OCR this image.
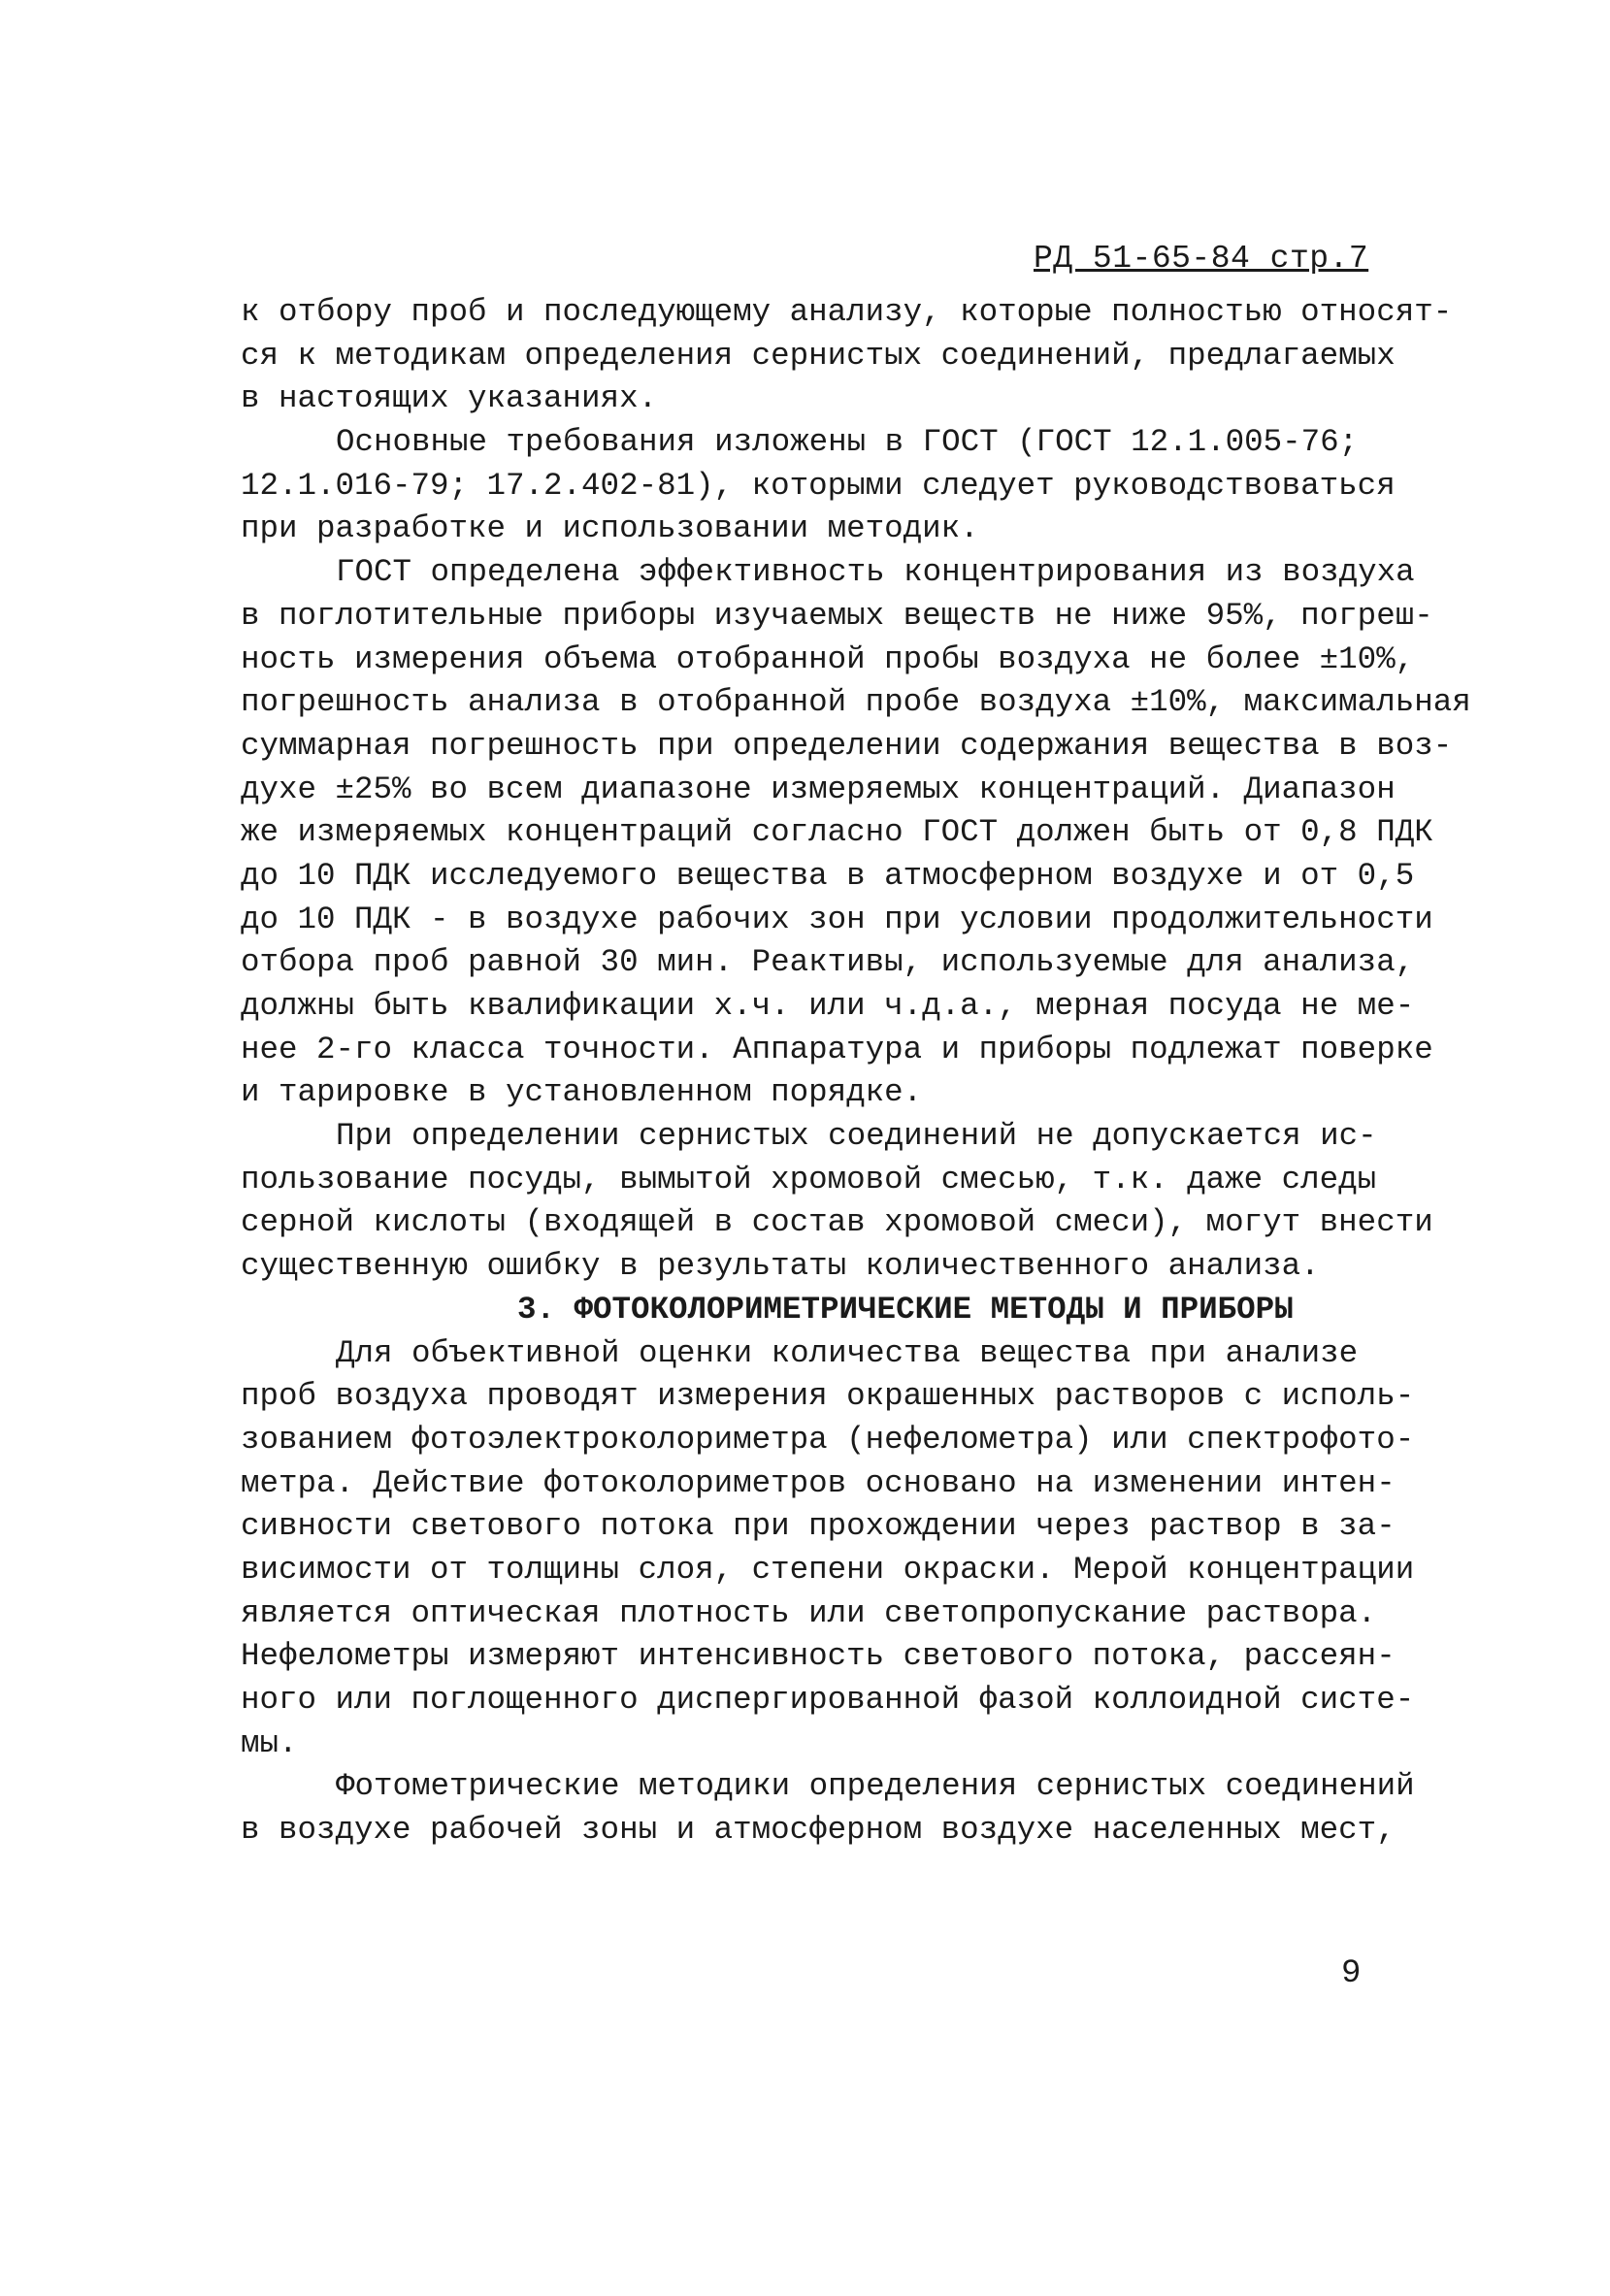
РД 51-65-84 стр.7
к отбору проб и последующему анализу, которые полностью относят-
ся к методикам определения сернистых соединений, предлагаемых
в настоящих указаниях.
Основные требования изложены в ГОСТ (ГОСТ 12.1.005-76;
12.1.016-79; 17.2.402-81), которыми следует руководствоваться
при разработке и использовании методик.
ГОСТ определена эффективность концентрирования из воздуха
в поглотительные приборы изучаемых веществ не ниже 95%, погреш-
ность измерения объема отобранной пробы воздуха не более ±10%,
погрешность анализа в отобранной пробе воздуха ±10%, максимальная
суммарная погрешность при определении содержания вещества в воз-
духе ±25% во всем диапазоне измеряемых концентраций. Диапазон
же измеряемых концентраций согласно ГОСТ должен быть от 0,8 ПДК
до 10 ПДК исследуемого вещества в атмосферном воздухе и от 0,5
до 10 ПДК - в воздухе рабочих зон при условии продолжительности
отбора проб равной 30 мин. Реактивы, используемые для анализа,
должны быть квалификации х.ч. или ч.д.а., мерная посуда не ме-
нее 2-го класса точности. Аппаратура и приборы подлежат поверке
и тарировке в установленном порядке.
При определении сернистых соединений не допускается ис-
пользование посуды, вымытой хромовой смесью, т.к. даже следы
серной кислоты (входящей в состав хромовой смеси), могут внести
существенную ошибку в результаты количественного анализа.
3. ФОТОКОЛОРИМЕТРИЧЕСКИЕ МЕТОДЫ И ПРИБОРЫ
Для объективной оценки количества вещества при анализе
проб воздуха проводят измерения окрашенных растворов с исполь-
зованием фотоэлектроколориметра (нефелометра) или спектрофото-
метра. Действие фотоколориметров основано на изменении интен-
сивности светового потока при прохождении через раствор в за-
висимости от толщины слоя, степени окраски. Мерой концентрации
является оптическая плотность или светопропускание раствора.
Нефелометры измеряют интенсивность светового потока, рассеян-
ного или поглощенного диспергированной фазой коллоидной систе-
мы.
Фотометрические методики определения сернистых соединений
в воздухе рабочей зоны и атмосферном воздухе населенных мест,
9
